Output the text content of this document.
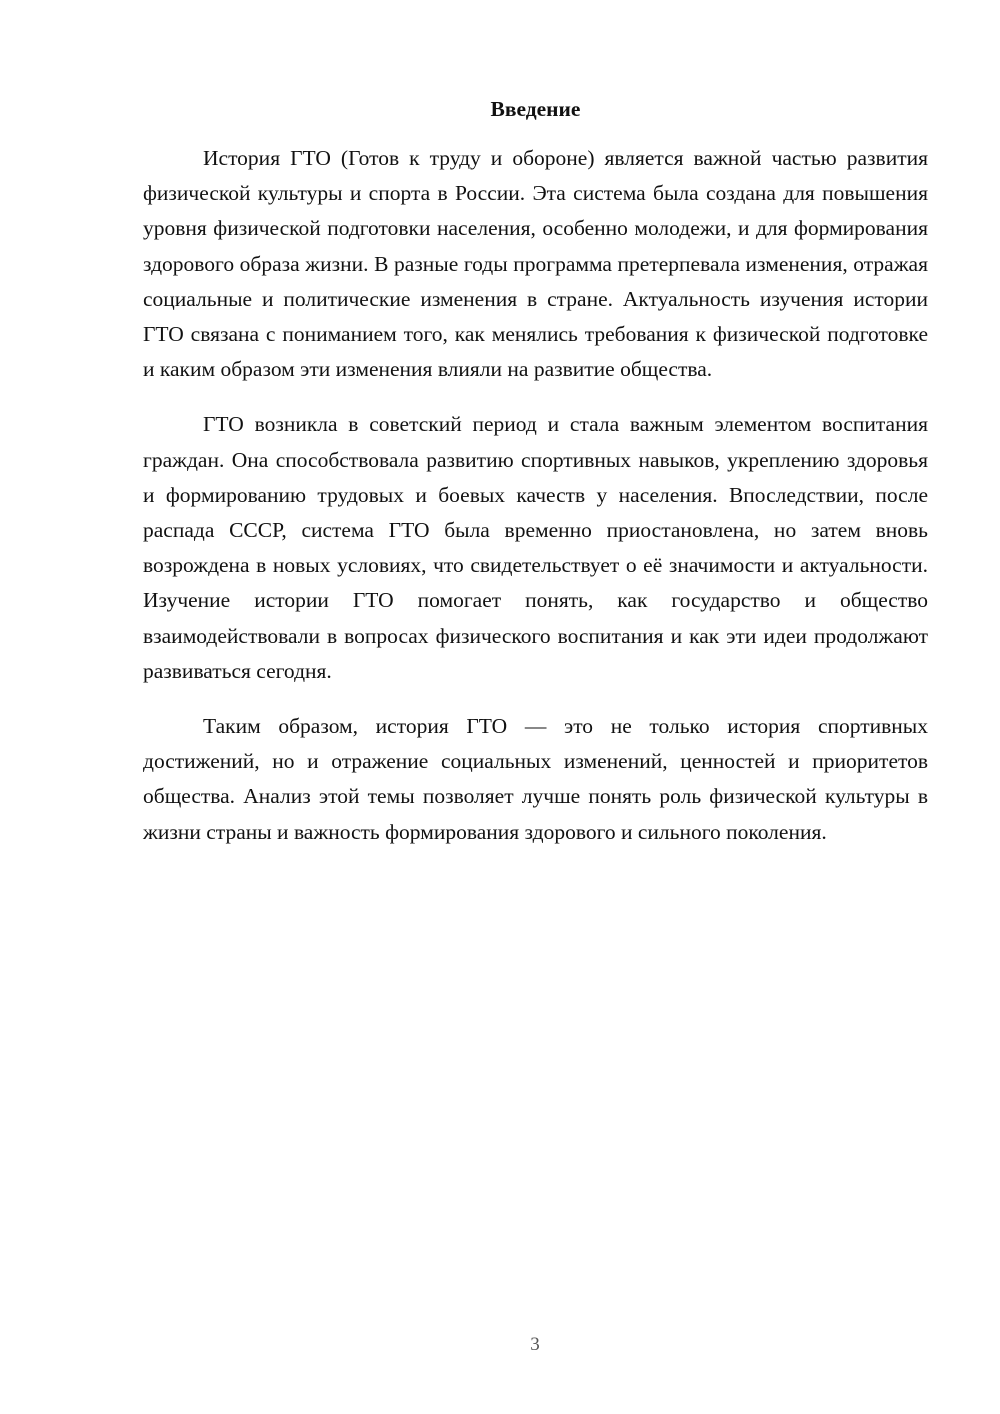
Введение

История ГТО (Готов к труду и обороне) является важной частью развития физической культуры и спорта в России. Эта система была создана для повышения уровня физической подготовки населения, особенно молодежи, и для формирования здорового образа жизни. В разные годы программа претерпевала изменения, отражая социальные и политические изменения в стране. Актуальность изучения истории ГТО связана с пониманием того, как менялись требования к физической подготовке и каким образом эти изменения влияли на развитие общества.

ГТО возникла в советский период и стала важным элементом воспитания граждан. Она способствовала развитию спортивных навыков, укреплению здоровья и формированию трудовых и боевых качеств у населения. Впоследствии, после распада СССР, система ГТО была временно приостановлена, но затем вновь возрождена в новых условиях, что свидетельствует о её значимости и актуальности. Изучение истории ГТО помогает понять, как государство и общество взаимодействовали в вопросах физического воспитания и как эти идеи продолжают развиваться сегодня.

Таким образом, история ГТО — это не только история спортивных достижений, но и отражение социальных изменений, ценностей и приоритетов общества. Анализ этой темы позволяет лучше понять роль физической культуры в жизни страны и важность формирования здорового и сильного поколения.

3
